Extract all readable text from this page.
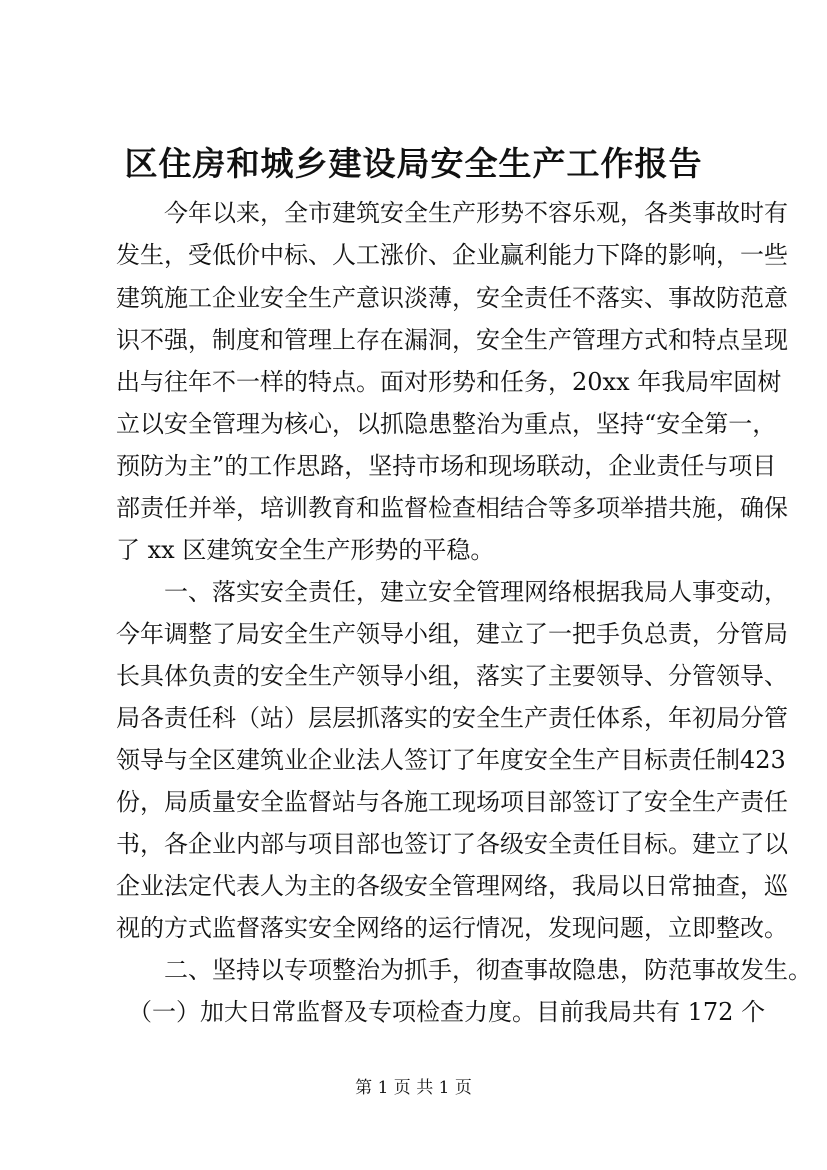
区住房和城乡建设局安全生产工作报告

　　今年以来，全市建筑安全生产形势不容乐观，各类事故时有

发生，受低价中标、人工涨价、企业赢利能力下降的影响，一些

建筑施工企业安全生产意识淡薄，安全责任不落实、事故防范意

识不强，制度和管理上存在漏洞，安全生产管理方式和特点呈现

出与往年不一样的特点。面对形势和任务，20xx 年我局牢固树

立以安全管理为核心，以抓隐患整治为重点，坚持“安全第一，

预防为主”的工作思路，坚持市场和现场联动，企业责任与项目

部责任并举，培训教育和监督检查相结合等多项举措共施，确保

了 xx 区建筑安全生产形势的平稳。

　　一、落实安全责任，建立安全管理网络根据我局人事变动，

今年调整了局安全生产领导小组，建立了一把手负总责，分管局

长具体负责的安全生产领导小组，落实了主要领导、分管领导、

局各责任科（站）层层抓落实的安全生产责任体系，年初局分管

领导与全区建筑业企业法人签订了年度安全生产目标责任制423

份，局质量安全监督站与各施工现场项目部签订了安全生产责任

书，各企业内部与项目部也签订了各级安全责任目标。建立了以

企业法定代表人为主的各级安全管理网络，我局以日常抽查，巡

视的方式监督落实安全网络的运行情况，发现问题，立即整改。

　　二、坚持以专项整治为抓手，彻查事故隐患，防范事故发生。

　（一）加大日常监督及专项检查力度。目前我局共有 172 个

第 1 页 共 1 页
